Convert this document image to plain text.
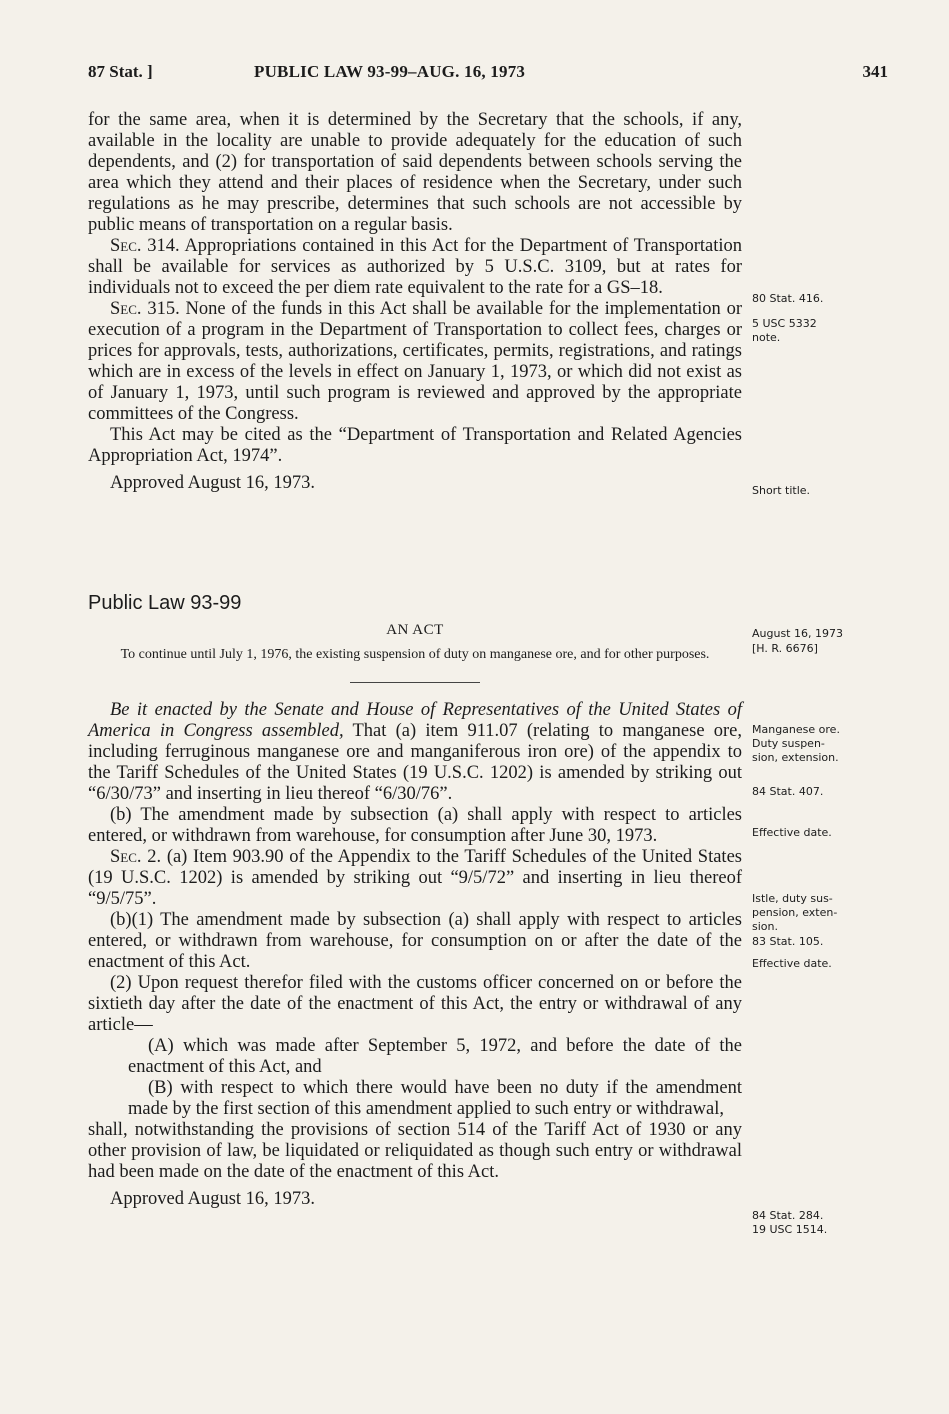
87 Stat. ]	PUBLIC LAW 93-99–AUG. 16, 1973	341

for the same area, when it is determined by the Secretary that the schools, if any, available in the locality are unable to provide adequately for the education of such dependents, and (2) for transportation of said dependents between schools serving the area which they attend and their places of residence when the Secretary, under such regulations as he may prescribe, determines that such schools are not accessible by public means of transportation on a regular basis.

Sec. 314. Appropriations contained in this Act for the Department of Transportation shall be available for services as authorized by 5 U.S.C. 3109, but at rates for individuals not to exceed the per diem rate equivalent to the rate for a GS–18.

Sec. 315. None of the funds in this Act shall be available for the implementation or execution of a program in the Department of Transportation to collect fees, charges or prices for approvals, tests, authorizations, certificates, permits, registrations, and ratings which are in excess of the levels in effect on January 1, 1973, or which did not exist as of January 1, 1973, until such program is reviewed and approved by the appropriate committees of the Congress.

This Act may be cited as the “Department of Transportation and Related Agencies Appropriation Act, 1974”.

Approved August 16, 1973.

Public Law 93-99
AN ACT
To continue until July 1, 1976, the existing suspension of duty on manganese ore, and for other purposes.

Be it enacted by the Senate and House of Representatives of the United States of America in Congress assembled, That (a) item 911.07 (relating to manganese ore, including ferruginous manganese ore and manganiferous iron ore) of the appendix to the Tariff Schedules of the United States (19 U.S.C. 1202) is amended by striking out “6/30/73” and inserting in lieu thereof “6/30/76”.

(b) The amendment made by subsection (a) shall apply with respect to articles entered, or withdrawn from warehouse, for consumption after June 30, 1973.

Sec. 2. (a) Item 903.90 of the Appendix to the Tariff Schedules of the United States (19 U.S.C. 1202) is amended by striking out “9/5/72” and inserting in lieu thereof “9/5/75”.

(b)(1) The amendment made by subsection (a) shall apply with respect to articles entered, or withdrawn from warehouse, for consumption on or after the date of the enactment of this Act.

(2) Upon request therefor filed with the customs officer concerned on or before the sixtieth day after the date of the enactment of this Act, the entry or withdrawal of any article—

(A) which was made after September 5, 1972, and before the date of the enactment of this Act, and

(B) with respect to which there would have been no duty if the amendment made by the first section of this amendment applied to such entry or withdrawal,

shall, notwithstanding the provisions of section 514 of the Tariff Act of 1930 or any other provision of law, be liquidated or reliquidated as though such entry or withdrawal had been made on the date of the enactment of this Act.

Approved August 16, 1973.

80 Stat. 416.
5 USC 5332
note.
Short title.
August 16, 1973
[H. R. 6676]
Manganese ore.
Duty suspen-
sion, extension.
84 Stat. 407.
Effective date.
Istle, duty sus-
pension, exten-
sion.
83 Stat. 105.
Effective date.
84 Stat. 284.
19 USC 1514.
